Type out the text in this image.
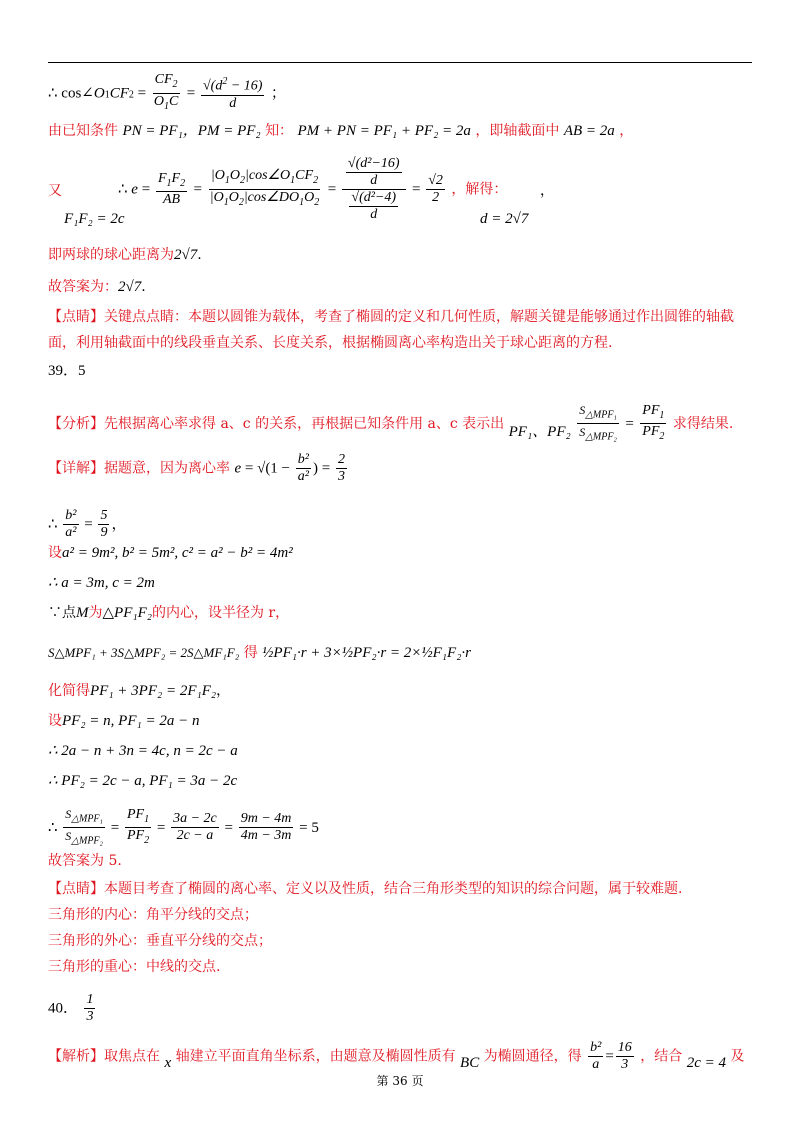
∴ cos∠O1CF2 = $\frac{CF_2}{O_1C} = \frac{√(d^2 - 16)}{d}$ ；
由已知条件 PN = PF₁，PM = PF₂ 知： PM + PN = PF₁ + PF₂ = 2a ，即轴截面中 AB = 2a ，
又
F₁F₂ = 2c
∴ $e = \frac{F_1F_2}{AB} = \frac{|O_1O_2|\cos\angle O_1CF_2}{|O_1O_2|\cos\angle DO_1O_2} = \frac{\frac{\text{√(d²−16)}}{d}}{\frac{\text{√(d²−4)}}{d}} = \frac{√2}{2}$ ，解得： ，
d = 2√7
即两球的球心距离为2√7.
故答案为：2√7.
【点睛】关键点点睛：本题以圆锥为载体，考查了椭圆的定义和几何性质，解题关键是能够通过作出圆锥的轴截
面，利用轴截面中的线段垂直关系、长度关系，根据椭圆离心率构造出关于球心距离的方程.
39．5
【分析】先根据离心率求得 a、c 的关系，再根据已知条件用 a、c 表示出 PF₁、$PF_2 \frac{S_{\triangle MPF_1}}{S_{\triangle MPF_2}} = \frac{PF_1}{PF_2}$ 求得结果.
【详解】据题意，因为离心率 $e = √(1 - \frac{\text{b²}}{\text{a²}}$ ) = $\frac{2}{3}$
∴ $\frac{\text{b²}}{\text{a²}} = \frac{5}{9}$ ，
设a² = 9m², b² = 5m², c² = a² − b² = 4m²
∴ a = 3m, c = 2m
∵点M为△PF₁F₂的内心，设半径为 r，
S△MPF₁ + 3S△MPF₂ = 2S△MF₁F₂ 得 ½PF₁·r + 3×½PF₂·r = 2×½F₁F₂·r
化简得PF₁ + 3PF₂ = 2F₁F₂，
设PF₂ = n, PF₁ = 2a − n
∴ 2a − n + 3n = 4c, n = 2c − a
∴ PF₂ = 2c − a, PF₁ = 3a − 2c
∴ $\frac{S_{\triangle MPF_1}}{S_{\triangle MPF_2}} = \frac{PF_1}{PF_2} = \frac{3a - 2c}{2c - a} = \frac{9m - 4m}{4m - 3m} = 5$
故答案为 5.
【点睛】本题目考查了椭圆的离心率、定义以及性质，结合三角形类型的知识的综合问题，属于较难题.
三角形的内心：角平分线的交点；
三角形的外心：垂直平分线的交点；
三角形的重心：中线的交点.
40． $\frac{1}{3}$
【解析】取焦点在 x 轴建立平面直角坐标系，由题意及椭圆性质有 BC 为椭圆通径，得 $\frac{\text{b²}}{a} = \frac{16}{3}$ ，结合 2c = 4 及
第 36 页
